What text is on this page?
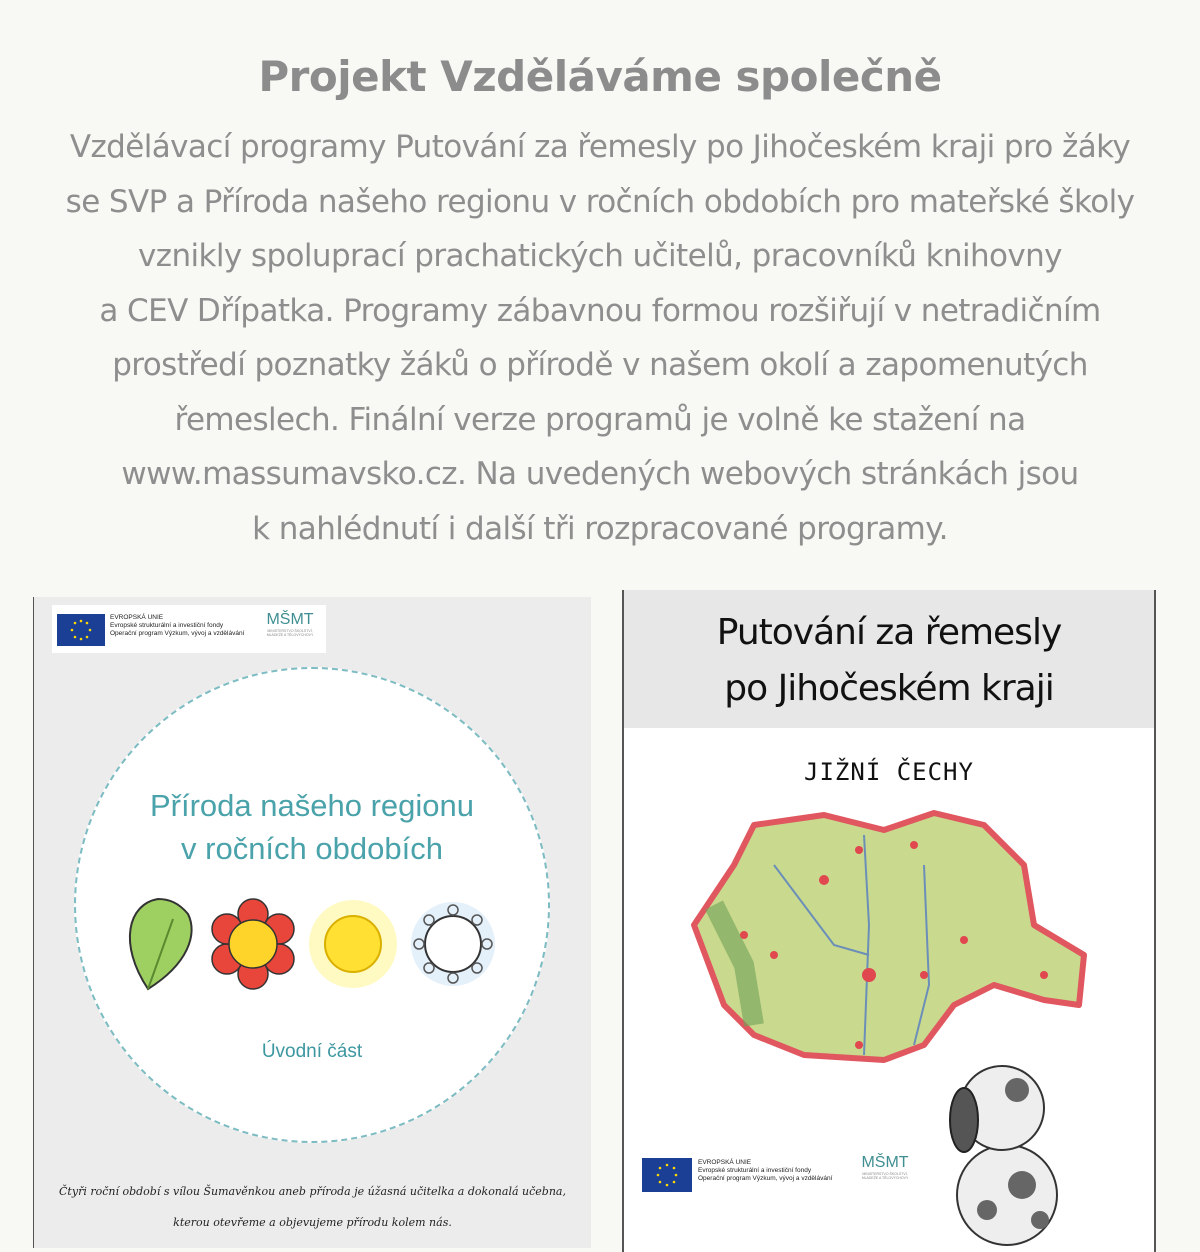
Projekt Vzděláváme společně
Vzdělávací programy Putování za řemesly po Jihočeském kraji pro žáky
se SVP a Příroda našeho regionu v ročních obdobích pro mateřské školy
vznikly spoluprací prachatických učitelů, pracovníků knihovny
a CEV Dřípatka. Programy zábavnou formou rozšiřují v netradičním
prostředí poznatky žáků o přírodě v našem okolí a zapomenutých
řemeslech. Finální verze programů je volně ke stažení na
www.massumavsko.cz. Na uvedených webových stránkách jsou
k nahlédnutí i další tři rozpracované programy.
EVROPSKÁ UNIE
Evropské strukturální a investiční fondy
Operační program Výzkum, vývoj a vzdělávání
MŠMT
MINISTERSTVO ŠKOLSTVÍ,
MLÁDEŽE A TĚLOVÝCHOVY
Příroda našeho regionu
v ročních obdobích
Úvodní část
Čtyři roční období s vílou Šumavěnkou aneb příroda je úžasná učitelka a dokonalá učebna,
kterou otevřeme a objevujeme přírodu kolem nás.
Putování za řemesly
po Jihočeském kraji
JIŽNÍ ČECHY
EVROPSKÁ UNIE
Evropské strukturální a investiční fondy
Operační program Výzkum, vývoj a vzdělávání
MŠMT
MINISTERSTVO ŠKOLSTVÍ,
MLÁDEŽE A TĚLOVÝCHOVY
